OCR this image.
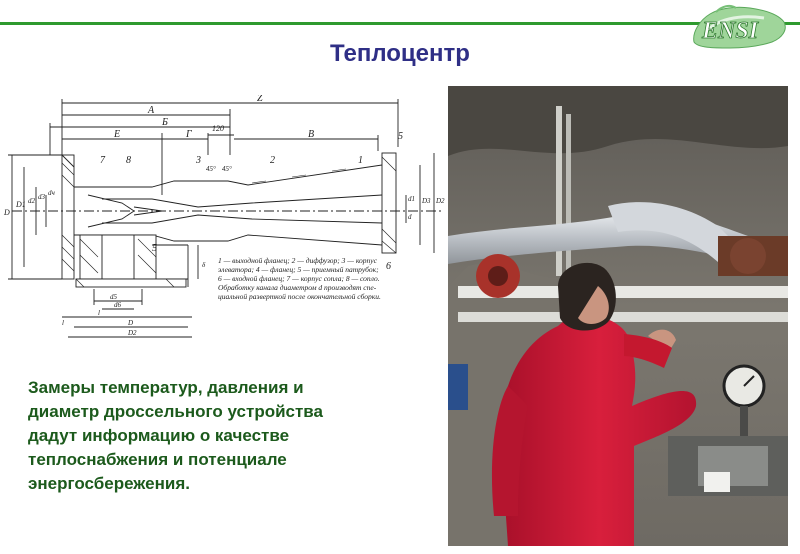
ENSI
Теплоцентр
Z
A
Б
E	Г	В
120
45° 45°
7 8	3	2	1
5
5
6
D
D1 d2 d3 dч
d1
d
D3 D2
d5
d6
l
D
D2
l
δ 1 — выходной фланец; 2 — диффузор; 3 — корпус
элеватора; 4 — фланец; 5 — приемный патрубок;
6 — входной фланец; 7 — корпус сопла; 8 — сопло.
Обработку канала диаметром d производят спе-
циальной разверткой после окончательной сборки.
Замеры температур, давления и
диаметр дроссельного устройства
дадут информацию о качестве
теплоснабжения и потенциале
энергосбережения.
